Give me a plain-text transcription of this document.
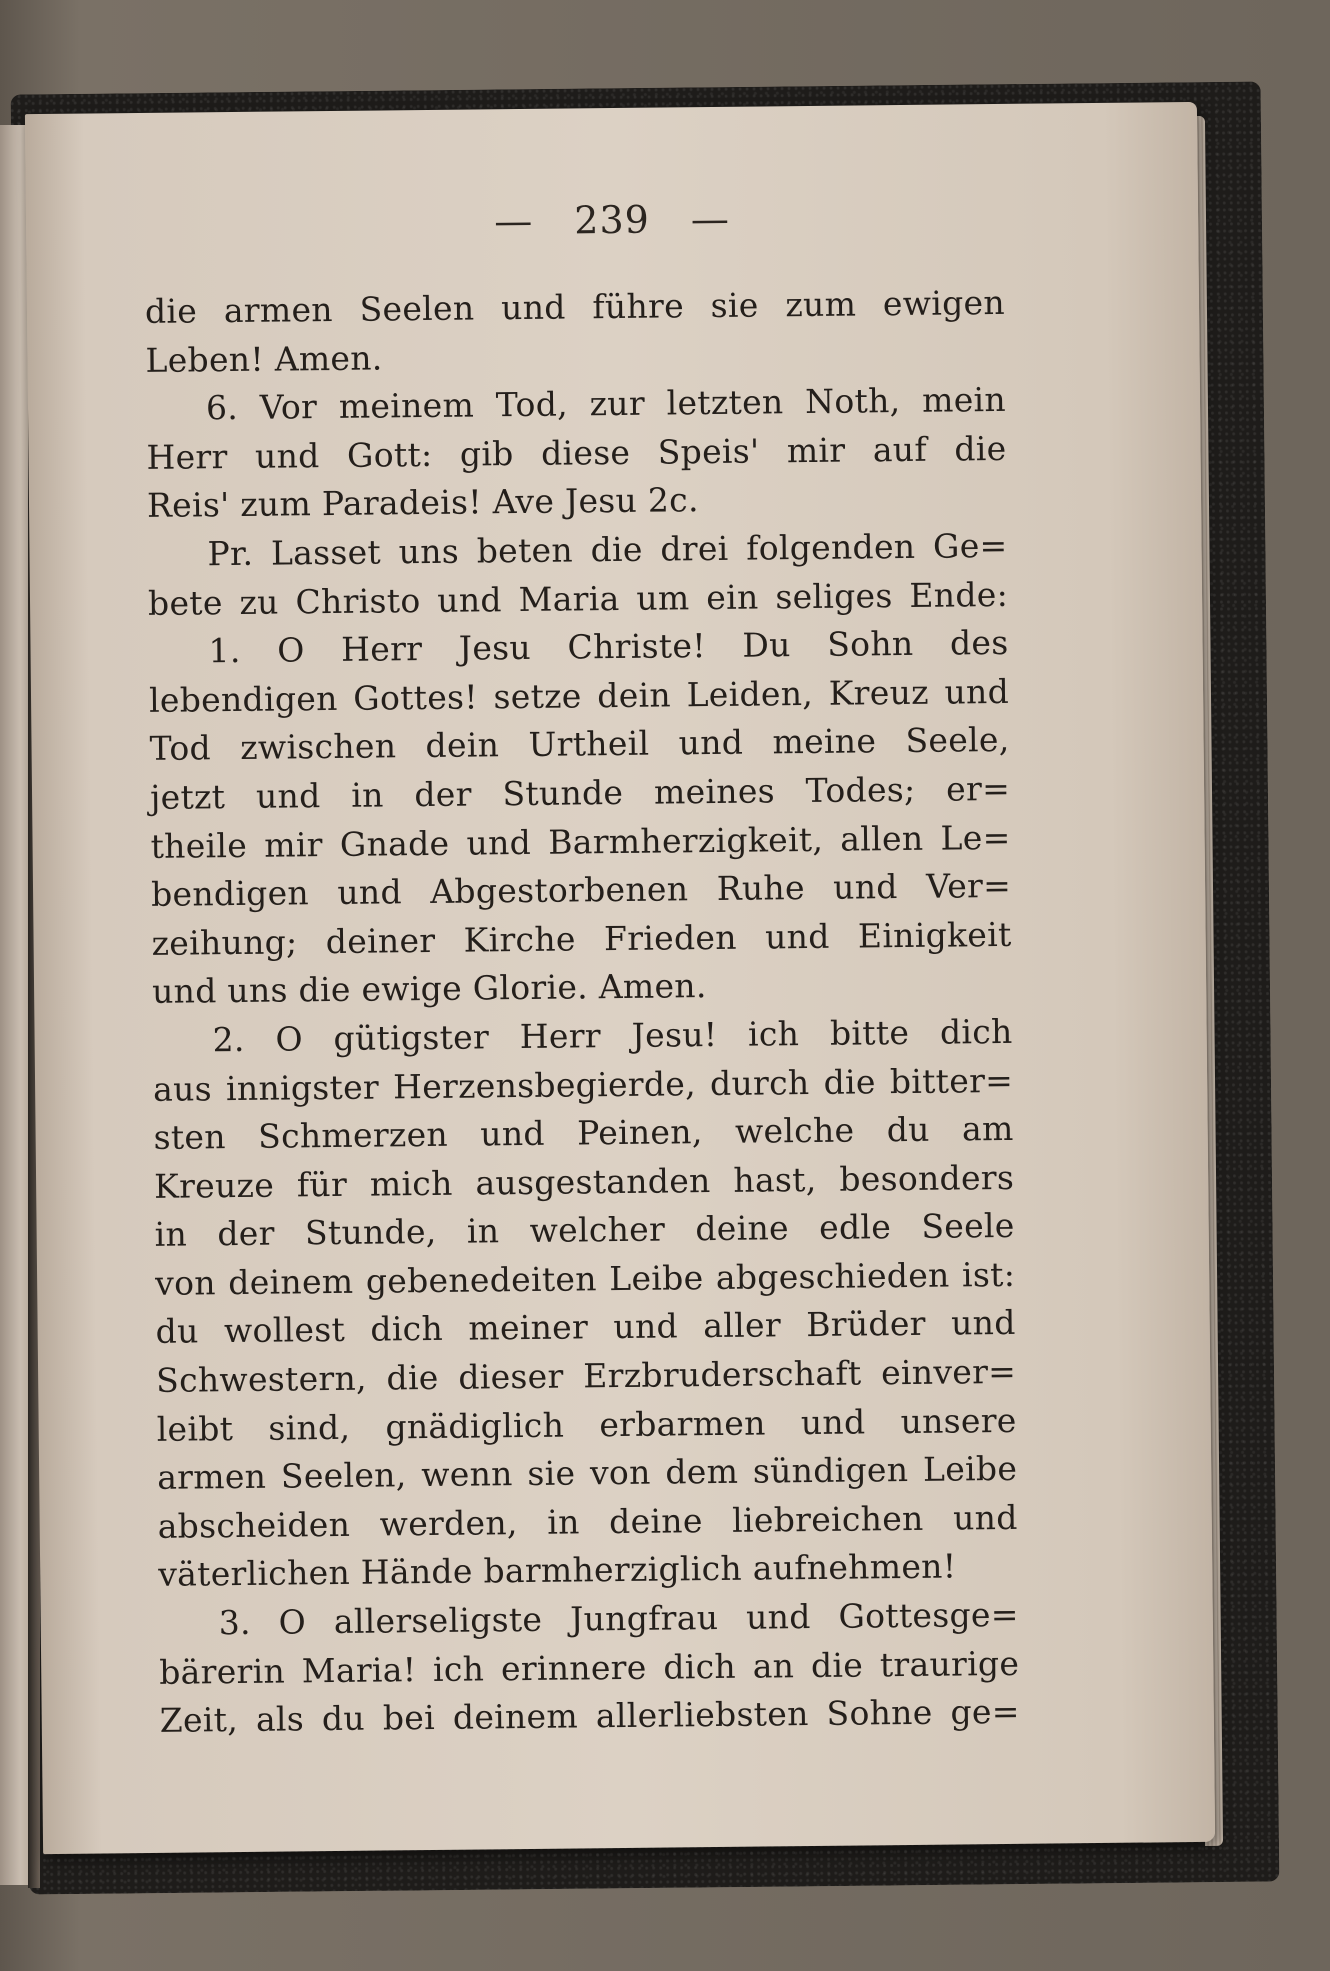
— 239 —
die armen Seelen und führe sie zum ewigen
Leben! Amen.
6. Vor meinem Tod, zur letzten Noth, mein
Herr und Gott: gib diese Speis' mir auf die
Reis' zum Paradeis! Ave Jesu 2c.
Pr. Lasset uns beten die drei folgenden Ge=
bete zu Christo und Maria um ein seliges Ende:
1. O Herr Jesu Christe! Du Sohn des
lebendigen Gottes! setze dein Leiden, Kreuz und
Tod zwischen dein Urtheil und meine Seele,
jetzt und in der Stunde meines Todes; er=
theile mir Gnade und Barmherzigkeit, allen Le=
bendigen und Abgestorbenen Ruhe und Ver=
zeihung; deiner Kirche Frieden und Einigkeit
und uns die ewige Glorie. Amen.
2. O gütigster Herr Jesu! ich bitte dich
aus innigster Herzensbegierde, durch die bitter=
sten Schmerzen und Peinen, welche du am
Kreuze für mich ausgestanden hast, besonders
in der Stunde, in welcher deine edle Seele
von deinem gebenedeiten Leibe abgeschieden ist:
du wollest dich meiner und aller Brüder und
Schwestern, die dieser Erzbruderschaft einver=
leibt sind, gnädiglich erbarmen und unsere
armen Seelen, wenn sie von dem sündigen Leibe
abscheiden werden, in deine liebreichen und
väterlichen Hände barmherziglich aufnehmen!
3. O allerseligste Jungfrau und Gottesge=
bärerin Maria! ich erinnere dich an die traurige
Zeit, als du bei deinem allerliebsten Sohne ge=
